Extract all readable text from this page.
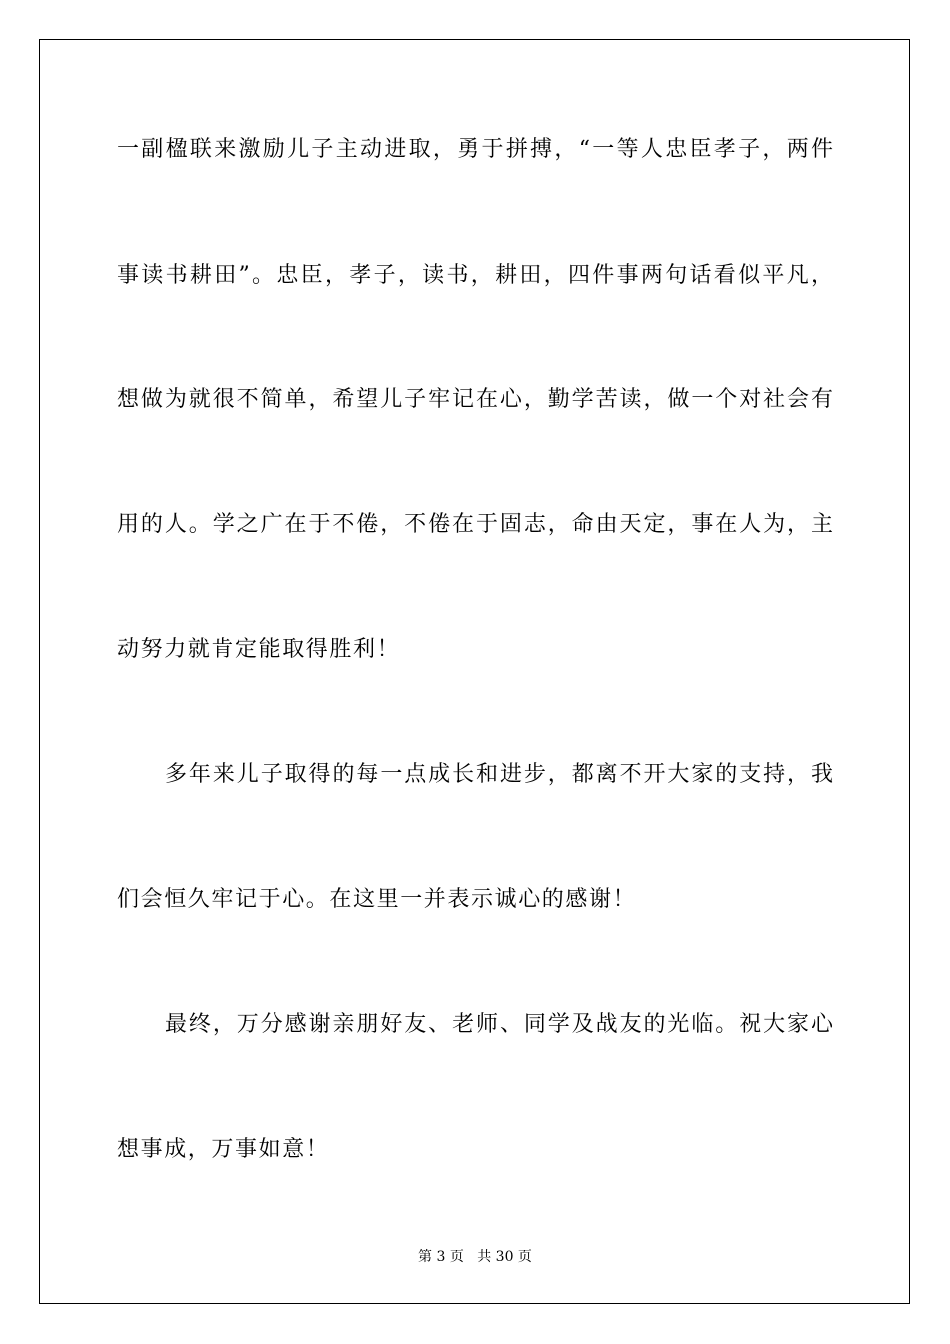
一副楹联来激励儿子主动进取，勇于拼搏，“一等人忠臣孝子，两件
事读书耕田”。忠臣，孝子，读书，耕田，四件事两句话看似平凡，
想做为就很不简单，希望儿子牢记在心，勤学苦读，做一个对社会有
用的人。学之广在于不倦，不倦在于固志，命由天定，事在人为，主
动努力就肯定能取得胜利！
多年来儿子取得的每一点成长和进步，都离不开大家的支持，我
们会恒久牢记于心。在这里一并表示诚心的感谢！
最终，万分感谢亲朋好友、老师、同学及战友的光临。祝大家心
想事成，万事如意！
第 3 页 共 30 页
